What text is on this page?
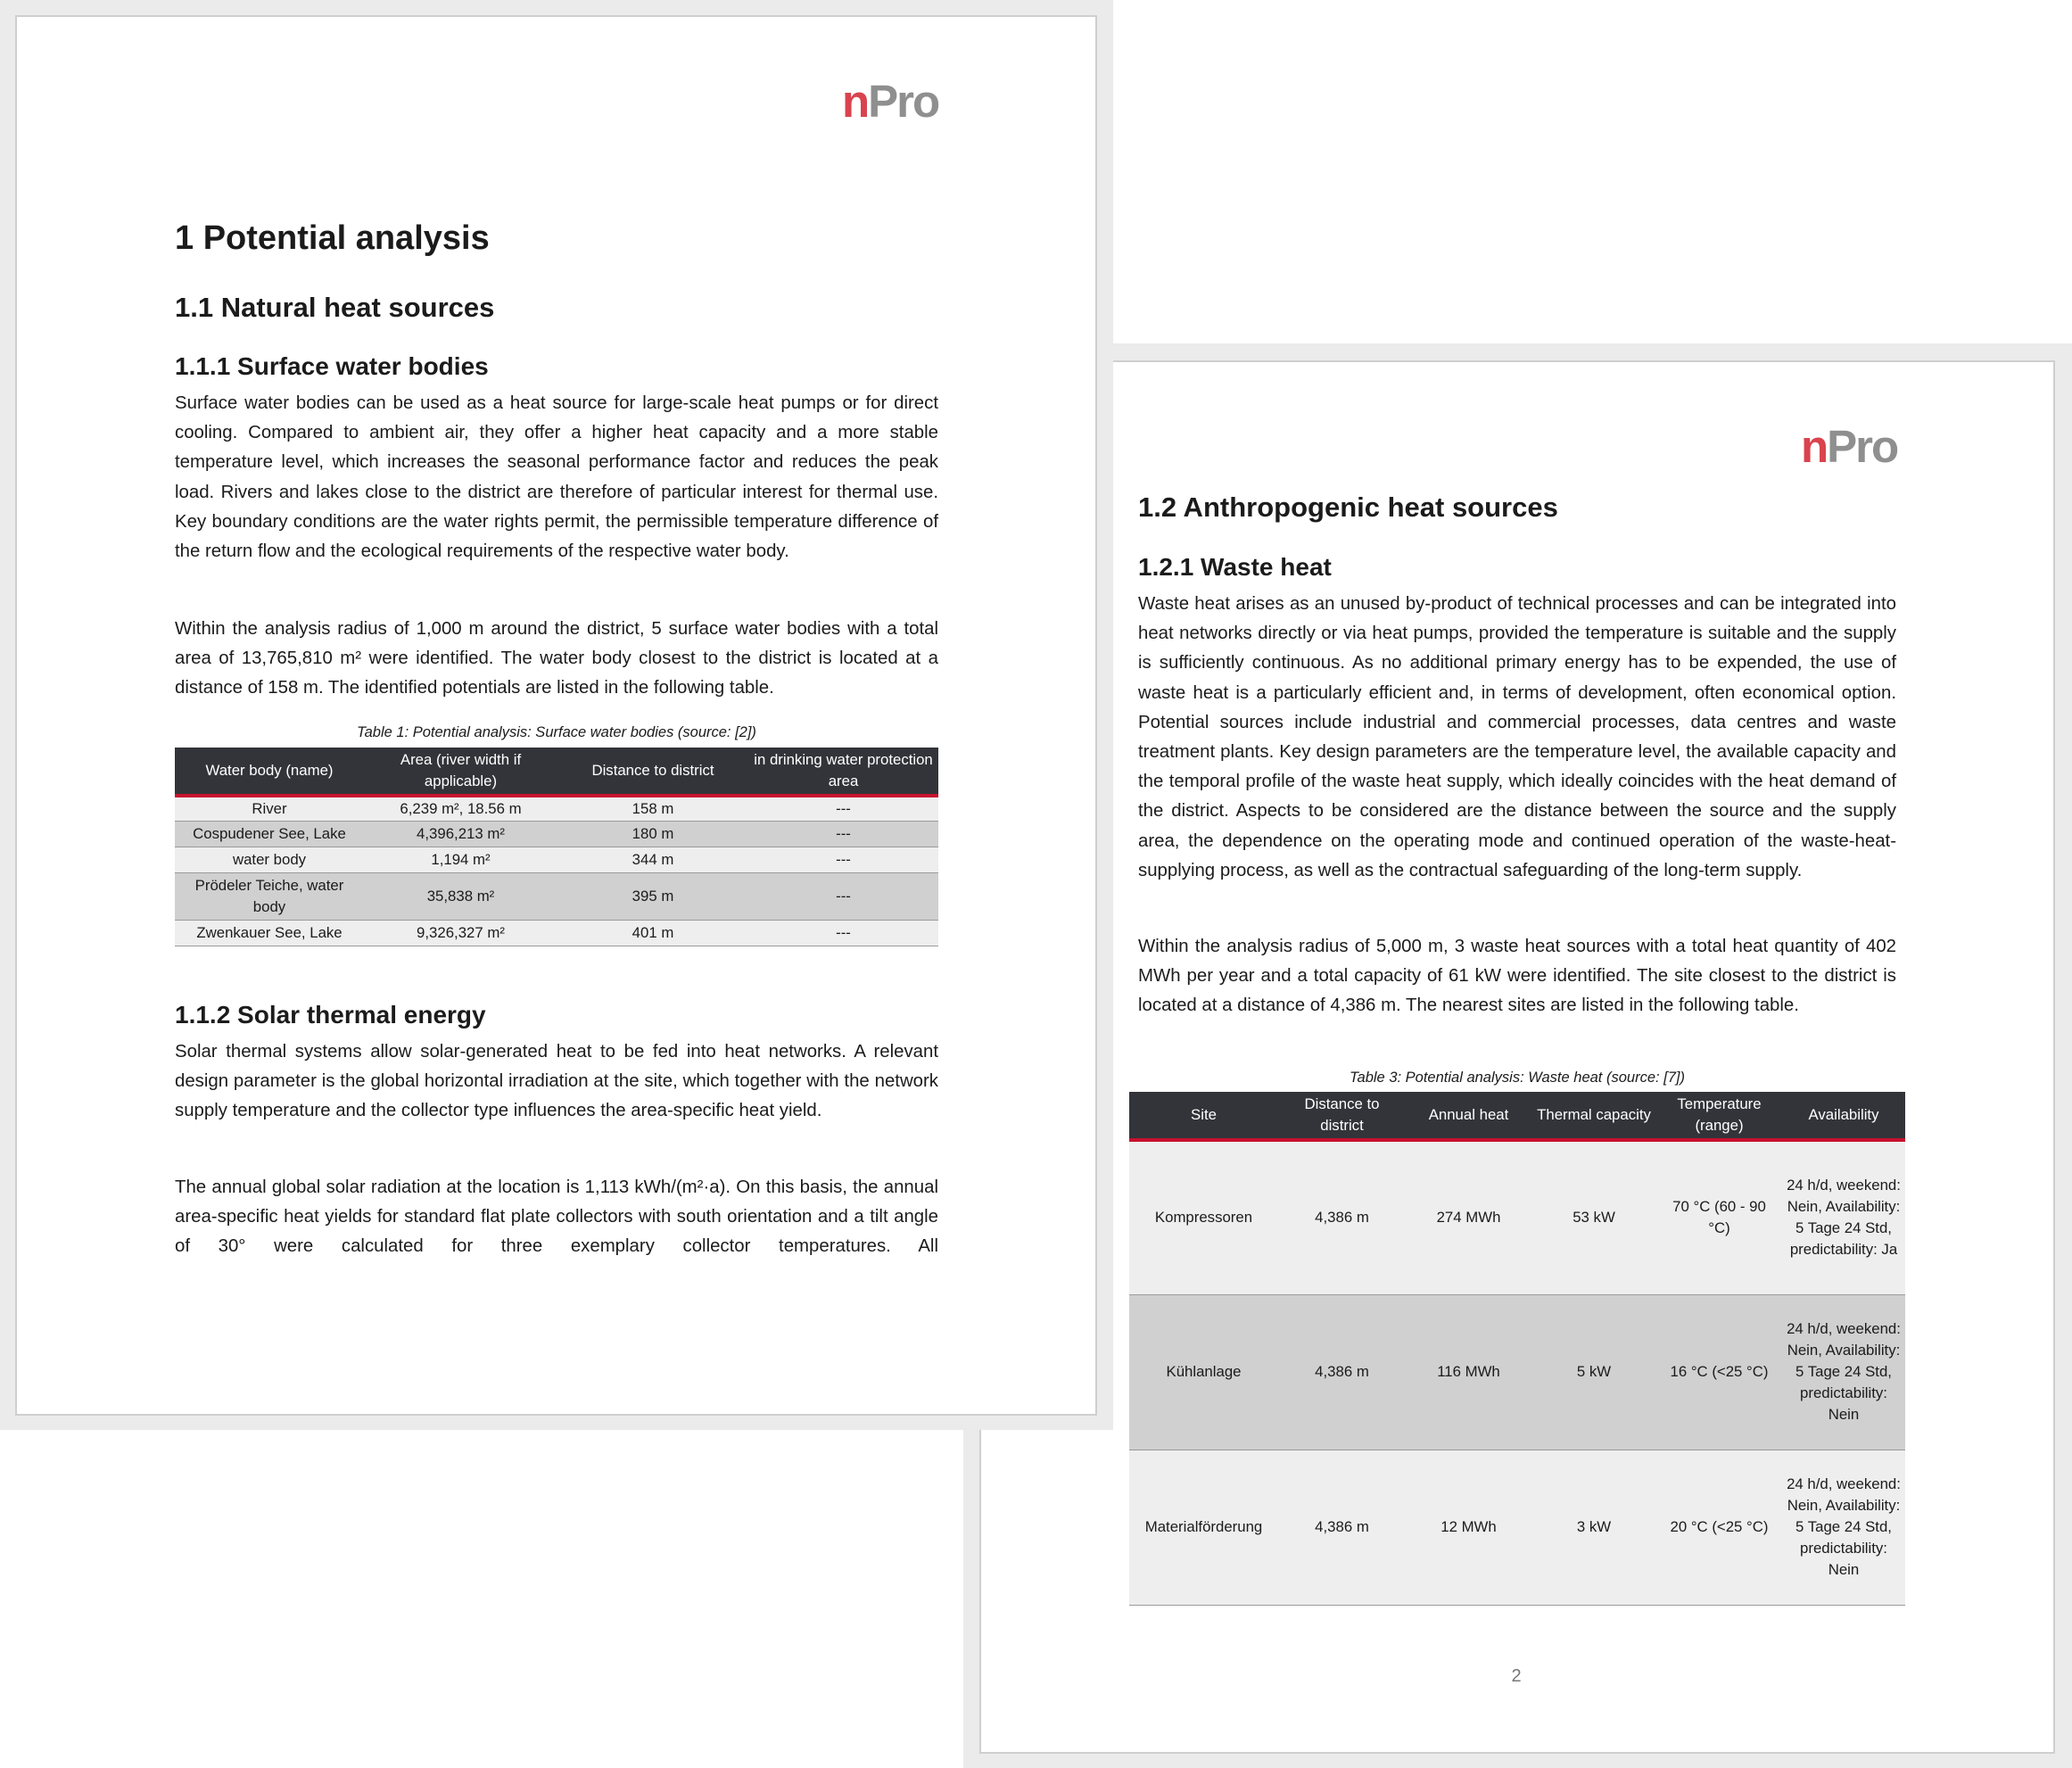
nPro
1 Potential analysis
1.1 Natural heat sources
1.1.1 Surface water bodies

Surface water bodies can be used as a heat source for large-scale heat pumps or for direct cooling. Compared to ambient air, they offer a higher heat capacity and a more stable temperature level, which increases the seasonal performance factor and reduces the peak load. Rivers and lakes close to the district are therefore of particular interest for thermal use. Key boundary conditions are the water rights permit, the permissible temperature difference of the return flow and the ecological requirements of the respective water body.

Within the analysis radius of 1,000 m around the district, 5 surface water bodies with a total area of 13,765,810 m² were identified. The water body closest to the district is located at a distance of 158 m. The identified potentials are listed in the following table.

Table 1: Potential analysis: Surface water bodies (source: [2])

Water body (name)	Area (river width if applicable)	Distance to district	in drinking water protection area
River	6,239 m², 18.56 m	158 m	---
Cospudener See, Lake	4,396,213 m²	180 m	---
water body	1,194 m²	344 m	---
Prödeler Teiche, water body	35,838 m²	395 m	---
Zwenkauer See, Lake	9,326,327 m²	401 m	---
1.1.2 Solar thermal energy

Solar thermal systems allow solar-generated heat to be fed into heat networks. A relevant design parameter is the global horizontal irradiation at the site, which together with the network supply temperature and the collector type influences the area-specific heat yield.

The annual global solar radiation at the location is 1,113 kWh/(m²·a). On this basis, the annual area-specific heat yields for standard flat plate collectors with south orientation and a tilt angle of 30° were calculated for three exemplary collector temperatures. All

nPro
1.2 Anthropogenic heat sources
1.2.1 Waste heat

Waste heat arises as an unused by-product of technical processes and can be integrated into heat networks directly or via heat pumps, provided the temperature is suitable and the supply is sufficiently continuous. As no additional primary energy has to be expended, the use of waste heat is a particularly efficient and, in terms of development, often economical option. Potential sources include industrial and commercial processes, data centres and waste treatment plants. Key design parameters are the temperature level, the available capacity and the temporal profile of the waste heat supply, which ideally coincides with the heat demand of the district. Aspects to be considered are the distance between the source and the supply area, the dependence on the operating mode and continued operation of the waste-heat-supplying process, as well as the contractual safeguarding of the long-term supply.

Within the analysis radius of 5,000 m, 3 waste heat sources with a total heat quantity of 402 MWh per year and a total capacity of 61 kW were identified. The site closest to the district is located at a distance of 4,386 m. The nearest sites are listed in the following table.

Table 3: Potential analysis: Waste heat (source: [7])

Site	Distance to district	Annual heat	Thermal capacity	Temperature (range)	Availability
Kompressoren	4,386 m	274 MWh	53 kW	70 °C (60 - 90 °C)	24 h/d, weekend: Nein, Availability: 5 Tage 24 Std, predictability: Ja
Kühlanlage	4,386 m	116 MWh	5 kW	16 °C (<25 °C)	24 h/d, weekend: Nein, Availability: 5 Tage 24 Std, predictability: Nein
Materialförderung	4,386 m	12 MWh	3 kW	20 °C (<25 °C)	24 h/d, weekend: Nein, Availability: 5 Tage 24 Std, predictability: Nein
2
